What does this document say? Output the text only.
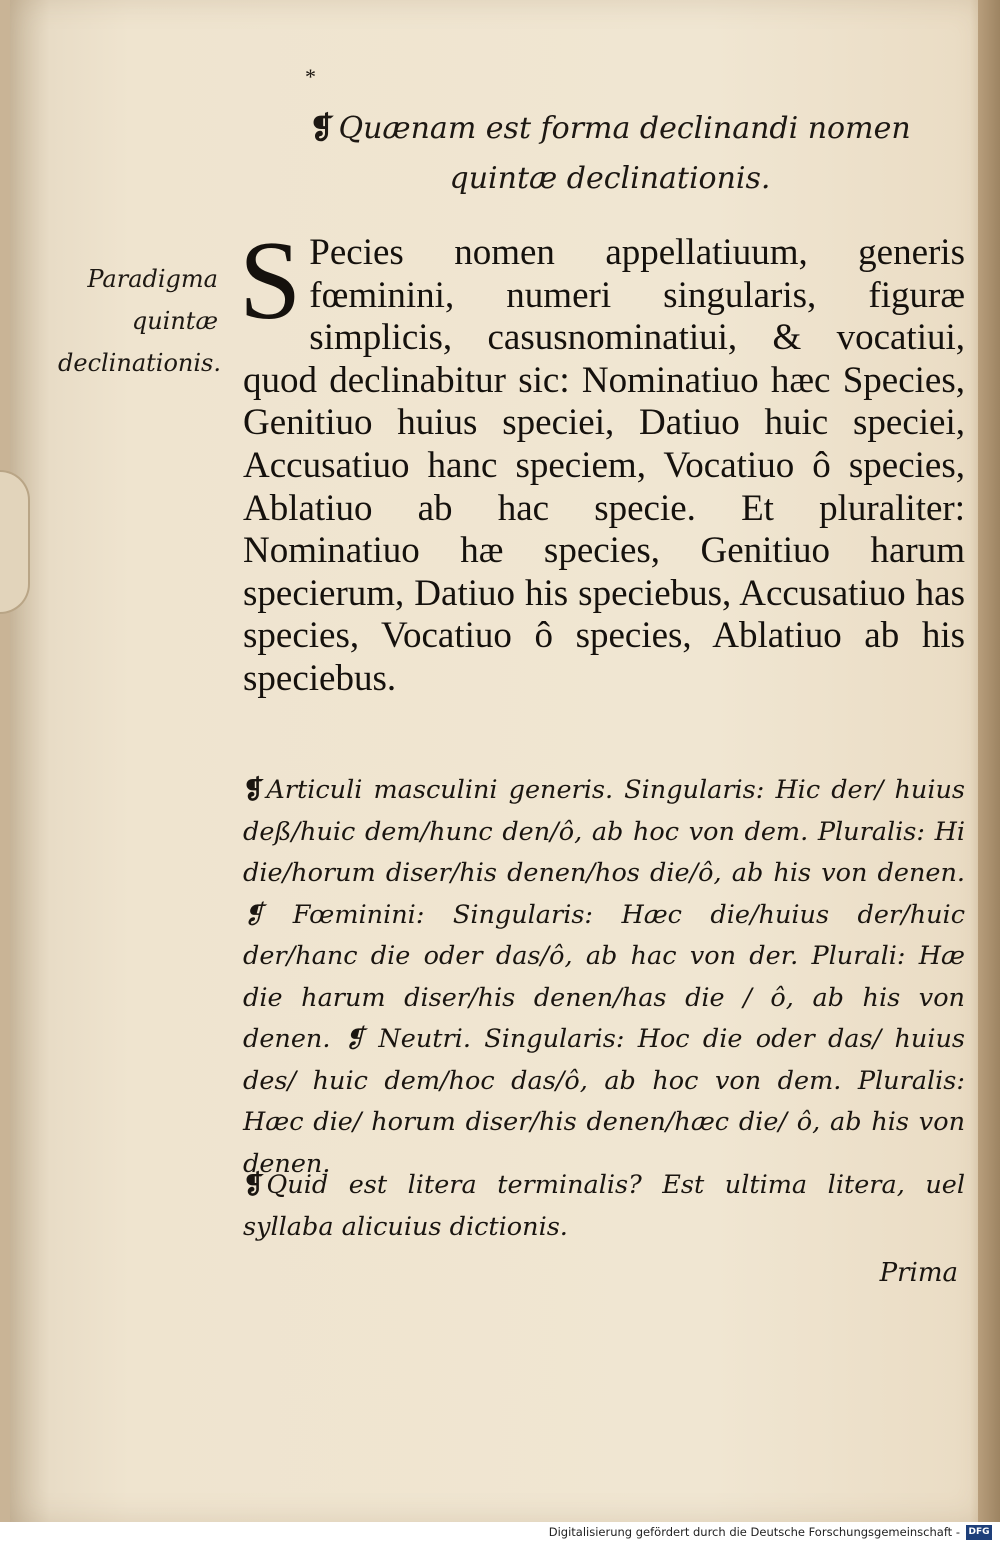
*
❡ Quænam est forma declinandi nomen
quintæ declinationis.
Paradigma quintæ declinationis.
S Pecies nomen appellatiuum, generis fœminini, numeri singularis, figuræ simplicis, casusnominatiui, & vocatiui, quod declinabitur sic: Nominatiuo hæc Species, Genitiuo huius speciei, Datiuo huic speciei, Accusatiuo hanc speciem, Vocatiuo ô species, Ablatiuo ab hac specie. Et pluraliter: Nominatiuo hæ species, Genitiuo harum specierum, Datiuo his speciebus, Accusatiuo has species, Vocatiuo ô species, Ablatiuo ab his speciebus.
❡Articuli masculini generis. Singularis: Hic der/ huius deß/huic dem/hunc den/ô, ab hoc von dem. Pluralis: Hi die/horum diser/his denen/hos die/ô, ab his von denen. ❡ Fœminini: Singularis: Hæc die/huius der/huic der/hanc die oder das/ô, ab hac von der. Plurali: Hæ die harum diser/his denen/has die / ô, ab his von denen. ❡ Neutri. Singularis: Hoc die oder das/ huius des/ huic dem/hoc das/ô, ab hoc von dem. Pluralis: Hæc die/ horum diser/his denen/hæc die/ ô, ab his von denen.
❡Quid est litera terminalis? Est ultima litera, uel syllaba alicuius dictionis.
Prima
Digitalisierung gefördert durch die Deutsche Forschungsgemeinschaft - DFG
